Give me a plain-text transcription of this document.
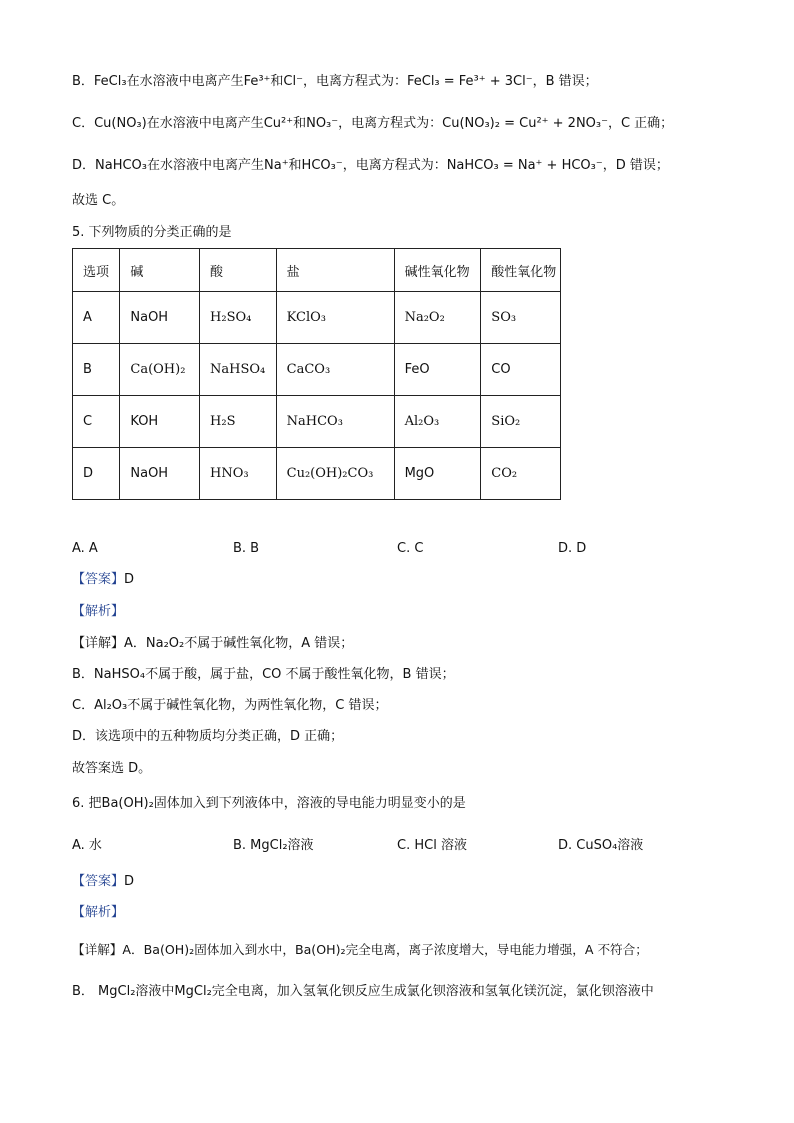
B．FeCl₃在水溶液中电离产生Fe³⁺和Cl⁻，电离方程式为：FeCl₃ = Fe³⁺ + 3Cl⁻，B 错误；
C．Cu(NO₃)在水溶液中电离产生Cu²⁺和NO₃⁻，电离方程式为：Cu(NO₃)₂ = Cu²⁺ + 2NO₃⁻，C 正确；
D．NaHCO₃在水溶液中电离产生Na⁺和HCO₃⁻，电离方程式为：NaHCO₃ = Na⁺ + HCO₃⁻，D 错误；
故选 C。
5. 下列物质的分类正确的是
选项	碱	酸	盐	碱性氧化物	酸性氧化物
A	NaOH	H₂SO₄	KClO₃	Na₂O₂	SO₃
B	Ca(OH)₂	NaHSO₄	CaCO₃	FeO	CO
C	KOH	H₂S	NaHCO₃	Al₂O₃	SiO₂
D	NaOH	HNO₃	Cu₂(OH)₂CO₃	MgO	CO₂
A. A	B. B	C. C	D. D
【答案】D
【解析】
【详解】A．Na₂O₂不属于碱性氧化物，A 错误；
B．NaHSO₄不属于酸，属于盐，CO 不属于酸性氧化物，B 错误；
C．Al₂O₃不属于碱性氧化物，为两性氧化物，C 错误；
D．该选项中的五种物质均分类正确，D 正确；
故答案选 D。
6. 把Ba(OH)₂固体加入到下列液体中，溶液的导电能力明显变小的是
A. 水	B. MgCl₂溶液	C. HCl 溶液	D. CuSO₄溶液
【答案】D
【解析】
【详解】A．Ba(OH)₂固体加入到水中，Ba(OH)₂完全电离，离子浓度增大，导电能力增强，A 不符合；
B． MgCl₂溶液中MgCl₂完全电离，加入氢氧化钡反应生成氯化钡溶液和氢氧化镁沉淀，氯化钡溶液中
